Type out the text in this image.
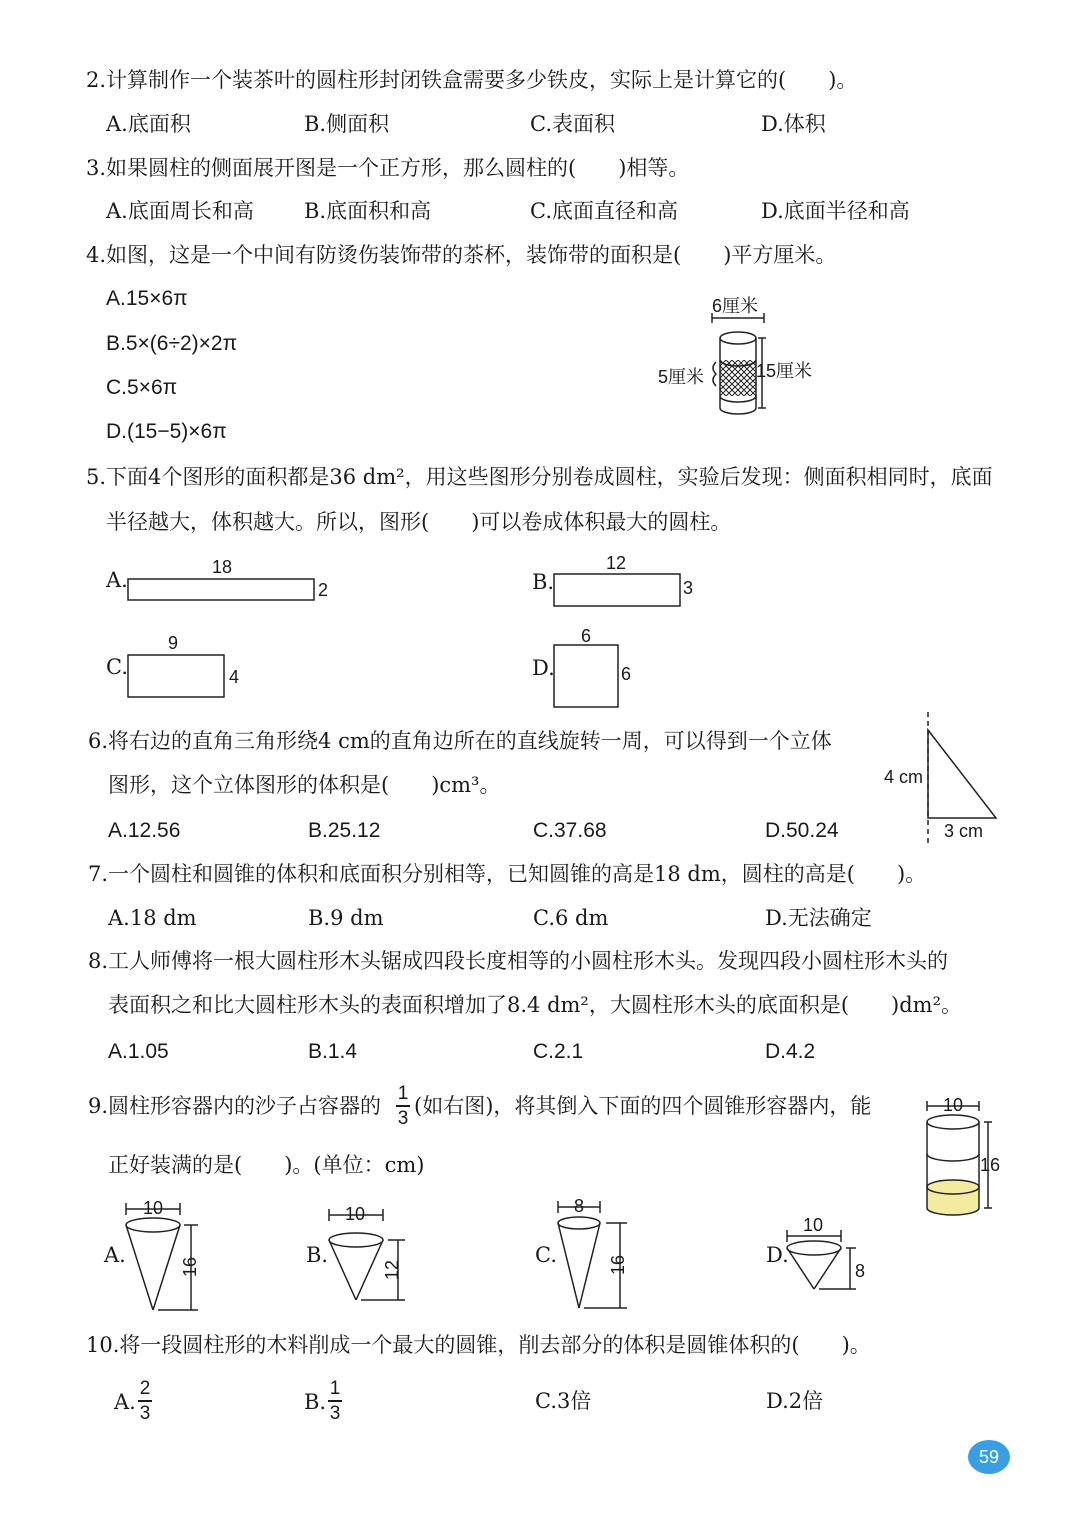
2.计算制作一个装茶叶的圆柱形封闭铁盒需要多少铁皮，实际上是计算它的(　　)。
A.底面积	B.侧面积	C.表面积	D.体积
3.如果圆柱的侧面展开图是一个正方形，那么圆柱的(　　)相等。
A.底面周长和高 B.底面积和高	C.底面直径和高	D.底面半径和高
4.如图，这是一个中间有防烫伤装饰带的茶杯，装饰带的面积是(　　)平方厘米。
A.15×6π
B.5×(6÷2)×2π
C.5×6π
D.(15−5)×6π
6厘米
5厘米	15厘米
5.下面4个图形的面积都是36 dm²，用这些图形分别卷成圆柱，实验后发现：侧面积相同时，底面
半径越大，体积越大。所以，图形(　　)可以卷成体积最大的圆柱。
A.
18
2	B.
12
3
C.
9
4	D.
6
6
6.将右边的直角三角形绕4 cm的直角边所在的直线旋转一周，可以得到一个立体
图形，这个立体图形的体积是(　　)cm³。
A.12.56	B.25.12	C.37.68	D.50.24
4 cm
3 cm
7.一个圆柱和圆锥的体积和底面积分别相等，已知圆锥的高是18 dm，圆柱的高是(　　)。
A.18 dm	B.9 dm	C.6 dm	D.无法确定
8.工人师傅将一根大圆柱形木头锯成四段长度相等的小圆柱形木头。发现四段小圆柱形木头的
表面积之和比大圆柱形木头的表面积增加了8.4 dm²，大圆柱形木头的底面积是(　　)dm²。
A.1.05	B.1.4	C.2.1	D.4.2
9.圆柱形容器内的沙子占容器的
1
3 (如右图)，将其倒入下面的四个圆锥形容器内，能
正好装满的是(　　)。(单位：cm)
10
16
A.
10
16	B.
10
12
C.
8
16	D.
10
8
10.将一段圆柱形的木料削成一个最大的圆锥，削去部分的体积是圆锥体积的(　　)。
A.
2
3	B.
1
3	C.3倍	D.2倍
59
